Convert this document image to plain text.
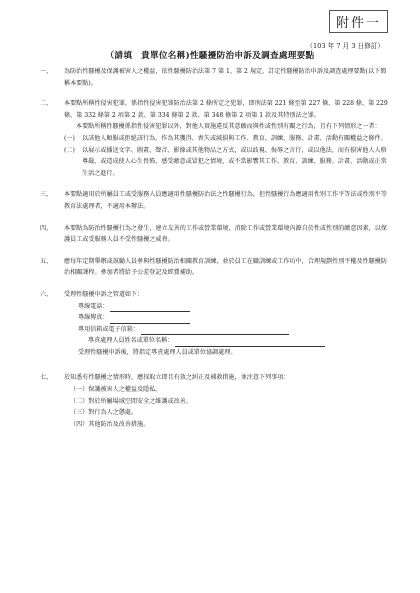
附件一
（103 年 7 月 3 日修訂）
（請填　貴單位名稱)性騷擾防治申訴及調查處理要點
一、	為防治性騷擾及保護被害人之權益，依性騷擾防治法第 7 第 1、第 2 規定，訂定性騷擾防治申訴及調查處理要點(以下簡稱本要點)。
二、	本要點所稱性侵害犯罪，係指性侵害犯罪防治法第 2 條所定之犯罪，即刑法第 221 條至第 227 條、第 228 條、第 229 條、第 332 條第 2 項第 2 款、第 334 條第 2 款、第 348 條第 2 項第 1 款及其特別法之罪。
本要點所稱性騷擾係指性侵害犯罪以外，對他人實施違反其意願而與性或性別有關之行為，且有下列情形之一者：
(一)	以該他人順服或拒絕該行為，作為其獲得、喪失或減損與工作、教育、訓練、服務、計畫、活動有關權益之條件。
(二)	以展示或播送文字、圖畫、聲音、影像或其他物品之方式，或以歧視、侮辱之言行，或以他法，而有損害他人人格尊嚴，或造成使人心生畏怖、感受敵意或冒犯之情境，或不當影響其工作、教育、訓練、服務、計畫、活動或正常生活之進行。
三、	本要點適用於所屬員工或受服務人員應適用性騷擾防治法之性騷擾行為，但性騷擾行為應適用性別工作平等法或性別平等教育法處理者，不適用本辦法。
四、	本要點為防治性騷擾行為之發生，建立友善的工作或營業環境，消除工作或營業環境內源自於性或性別的敵意因素，以保護員工或受服務人員不受性騷擾之威脅。
五、	應每年定期舉辦或鼓勵人員參與性騷擾防治相關教育訓練，並於員工在職訓練或工作坊中，合理規劃性別平權及性騷擾防治相關課程。參加者將給予公差登記及經費補助。
六、	受理性騷擾申訴之管道如下：
專線電話：
專線傳真：
專用信箱或電子信箱：
專責處理人員姓名或單位名稱：
受理性騷擾申訴後，將指定專責處理人員或單位協調處理。
七、	於知悉有性騷擾之情形時，應採取立即且有效之糾正及補救措施，並注意下列事項：
（一）保護被害人之權益及隱私。
（二）對於所屬場域空間安全之維護或改善。
（三）對行為人之懲處。
（四）其他防治及改善措施。
